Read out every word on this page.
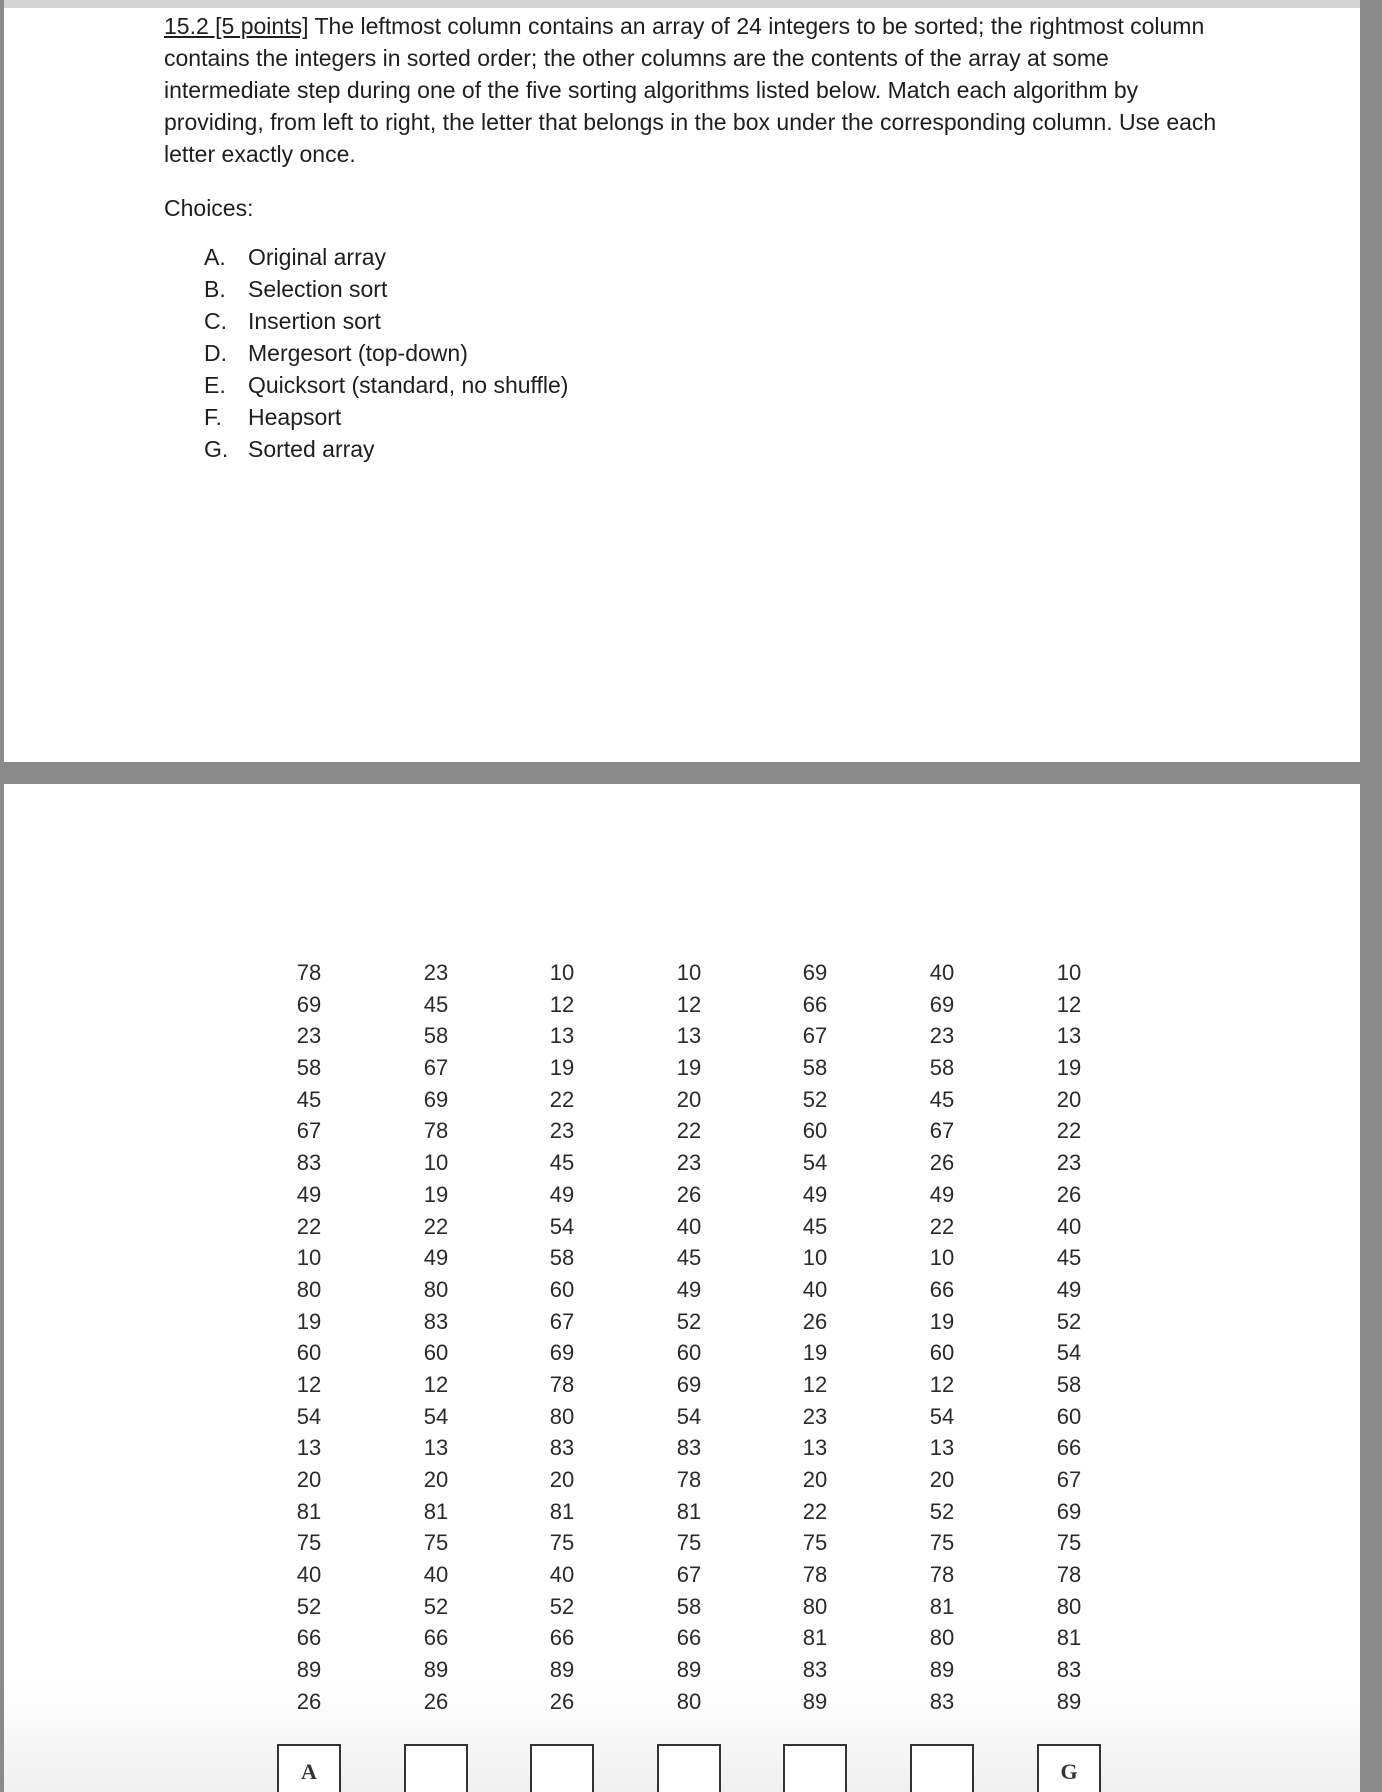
15.2 [5 points] The leftmost column contains an array of 24 integers to be sorted; the rightmost column contains the integers in sorted order; the other columns are the contents of the array at some intermediate step during one of the five sorting algorithms listed below. Match each algorithm by providing, from left to right, the letter that belongs in the box under the corresponding column. Use each letter exactly once.
Choices:
A. Original array
B. Selection sort
C. Insertion sort
D. Mergesort (top-down)
E. Quicksort (standard, no shuffle)
F. Heapsort
G. Sorted array
78
69
23
58
45
67
83
49
22
10
80
19
60
12
54
13
20
81
75
40
52
66
89
26
23
45
58
67
69
78
10
19
22
49
80
83
60
12
54
13
20
81
75
40
52
66
89
26
10
12
13
19
22
23
45
49
54
58
60
67
69
78
80
83
20
81
75
40
52
66
89
26
10
12
13
19
20
22
23
26
40
45
49
52
60
69
54
83
78
81
75
67
58
66
89
80
69
66
67
58
52
60
54
49
45
10
40
26
19
12
23
13
20
22
75
78
80
81
83
89
40
69
23
58
45
67
26
49
22
10
66
19
60
12
54
13
20
52
75
78
81
80
89
83
10
12
13
19
20
22
23
26
40
45
49
52
54
58
60
66
67
69
75
78
80
81
83
89
A	G
